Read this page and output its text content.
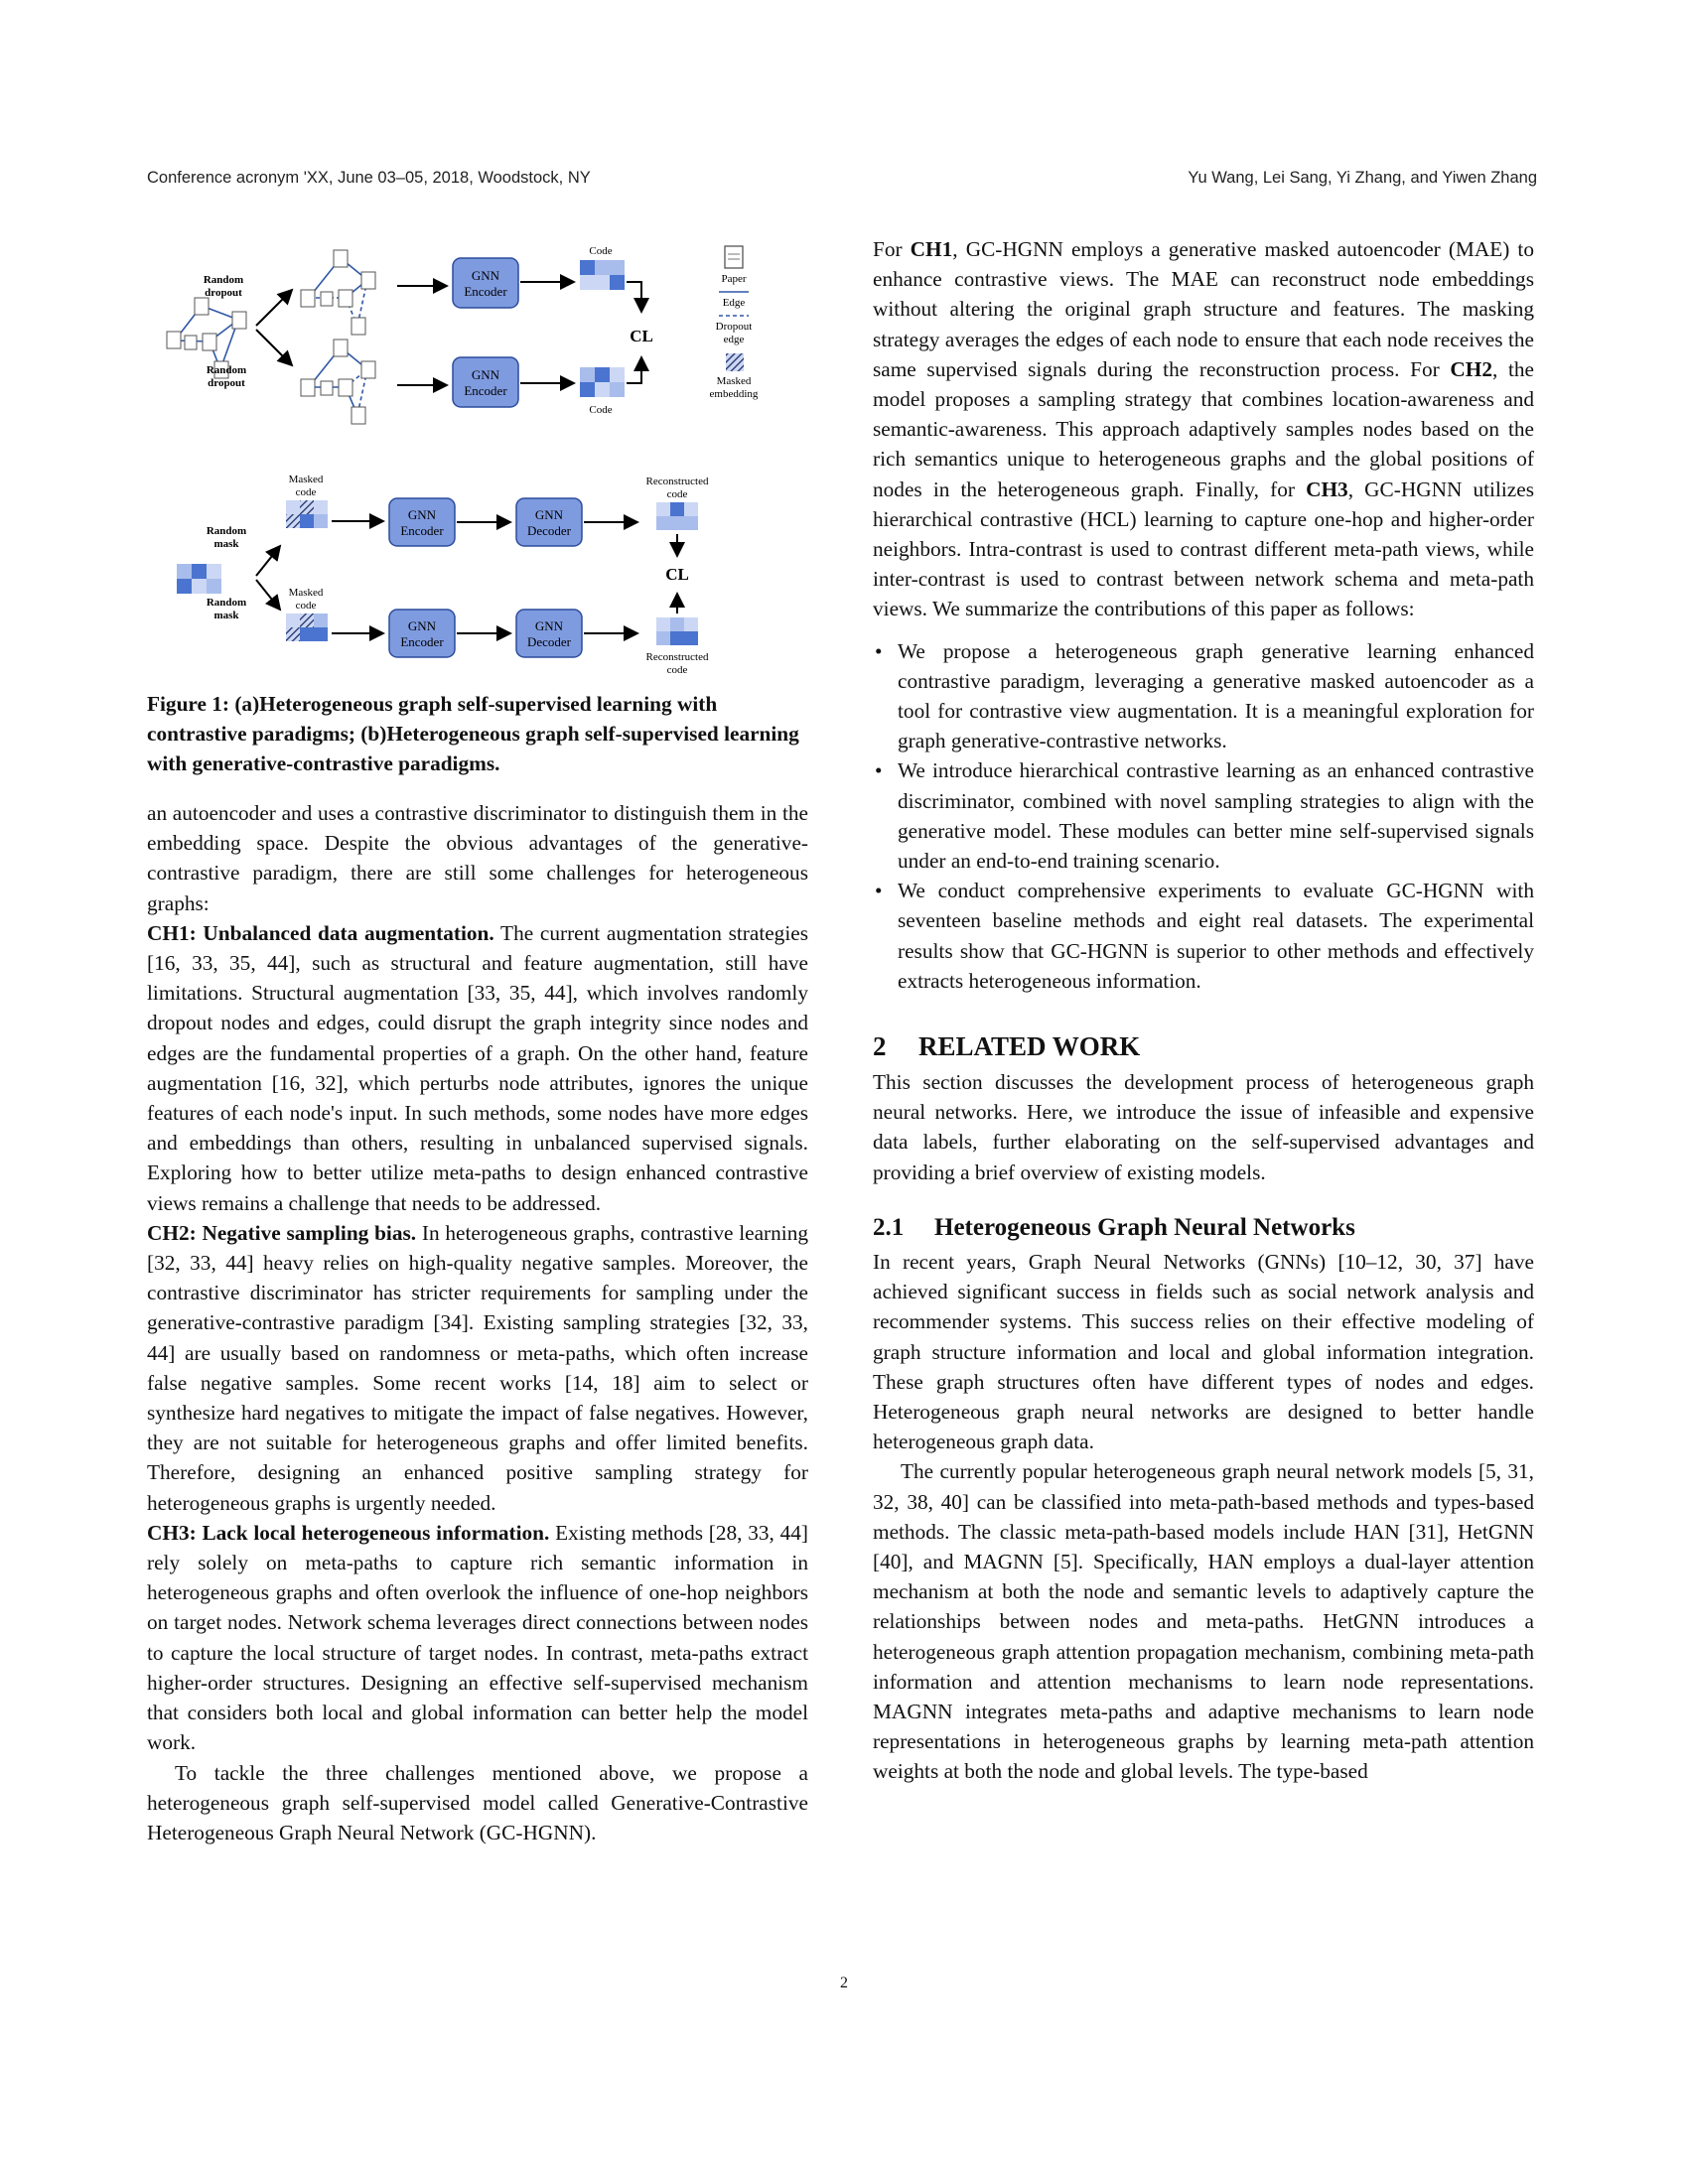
Conference acronym 'XX, June 03–05, 2018, Woodstock, NY	Yu Wang, Lei Sang, Yi Zhang, and Yiwen Zhang
Random
dropout
Random
dropout
GNN
Encoder
GNN
Encoder
Code
Code
CL
Paper
Edge
Dropout
edge
Masked
embedding
Random
mask
Random
mask
Masked
code
Masked
code
GNN
Encoder
GNN
Decoder
GNN
Encoder
GNN
Decoder
Reconstructed
code
CL
Reconstructed
code

Figure 1: (a)Heterogeneous graph self-supervised learning with contrastive paradigms; (b)Heterogeneous graph self-supervised learning with generative-contrastive paradigms.

an autoencoder and uses a contrastive discriminator to distinguish them in the embedding space. Despite the obvious advantages of the generative-contrastive paradigm, there are still some challenges for heterogeneous graphs:

CH1: Unbalanced data augmentation. The current augmentation strategies [16, 33, 35, 44], such as structural and feature augmentation, still have limitations. Structural augmentation [33, 35, 44], which involves randomly dropout nodes and edges, could disrupt the graph integrity since nodes and edges are the fundamental properties of a graph. On the other hand, feature augmentation [16, 32], which perturbs node attributes, ignores the unique features of each node's input. In such methods, some nodes have more edges and embeddings than others, resulting in unbalanced supervised signals. Exploring how to better utilize meta-paths to design enhanced contrastive views remains a challenge that needs to be addressed.

CH2: Negative sampling bias. In heterogeneous graphs, contrastive learning [32, 33, 44] heavy relies on high-quality negative samples. Moreover, the contrastive discriminator has stricter requirements for sampling under the generative-contrastive paradigm [34]. Existing sampling strategies [32, 33, 44] are usually based on randomness or meta-paths, which often increase false negative samples. Some recent works [14, 18] aim to select or synthesize hard negatives to mitigate the impact of false negatives. However, they are not suitable for heterogeneous graphs and offer limited benefits. Therefore, designing an enhanced positive sampling strategy for heterogeneous graphs is urgently needed.

CH3: Lack local heterogeneous information. Existing methods [28, 33, 44] rely solely on meta-paths to capture rich semantic information in heterogeneous graphs and often overlook the influence of one-hop neighbors on target nodes. Network schema leverages direct connections between nodes to capture the local structure of target nodes. In contrast, meta-paths extract higher-order structures. Designing an effective self-supervised mechanism that considers both local and global information can better help the model work.

To tackle the three challenges mentioned above, we propose a heterogeneous graph self-supervised model called Generative-Contrastive Heterogeneous Graph Neural Network (GC-HGNN).

For CH1, GC-HGNN employs a generative masked autoencoder (MAE) to enhance contrastive views. The MAE can reconstruct node embeddings without altering the original graph structure and features. The masking strategy averages the edges of each node to ensure that each node receives the same supervised signals during the reconstruction process. For CH2, the model proposes a sampling strategy that combines location-awareness and semantic-awareness. This approach adaptively samples nodes based on the rich semantics unique to heterogeneous graphs and the global positions of nodes in the heterogeneous graph. Finally, for CH3, GC-HGNN utilizes hierarchical contrastive (HCL) learning to capture one-hop and higher-order neighbors. Intra-contrast is used to contrast different meta-path views, while inter-contrast is used to contrast between network schema and meta-path views. We summarize the contributions of this paper as follows:

• We propose a heterogeneous graph generative learning enhanced contrastive paradigm, leveraging a generative masked autoencoder as a tool for contrastive view augmentation. It is a meaningful exploration for graph generative-contrastive networks.
• We introduce hierarchical contrastive learning as an enhanced contrastive discriminator, combined with novel sampling strategies to align with the generative model. These modules can better mine self-supervised signals under an end-to-end training scenario.
• We conduct comprehensive experiments to evaluate GC-HGNN with seventeen baseline methods and eight real datasets. The experimental results show that GC-HGNN is superior to other methods and effectively extracts heterogeneous information.
2 RELATED WORK

This section discusses the development process of heterogeneous graph neural networks. Here, we introduce the issue of infeasible and expensive data labels, further elaborating on the self-supervised advantages and providing a brief overview of existing models.

2.1 Heterogeneous Graph Neural Networks

In recent years, Graph Neural Networks (GNNs) [10–12, 30, 37] have achieved significant success in fields such as social network analysis and recommender systems. This success relies on their effective modeling of graph structure information and local and global information integration. These graph structures often have different types of nodes and edges. Heterogeneous graph neural networks are designed to better handle heterogeneous graph data.

The currently popular heterogeneous graph neural network models [5, 31, 32, 38, 40] can be classified into meta-path-based methods and types-based methods. The classic meta-path-based models include HAN [31], HetGNN [40], and MAGNN [5]. Specifically, HAN employs a dual-layer attention mechanism at both the node and semantic levels to adaptively capture the relationships between nodes and meta-paths. HetGNN introduces a heterogeneous graph attention propagation mechanism, combining meta-path information and attention mechanisms to learn node representations. MAGNN integrates meta-paths and adaptive mechanisms to learn node representations in heterogeneous graphs by learning meta-path attention weights at both the node and global levels. The type-based

2
